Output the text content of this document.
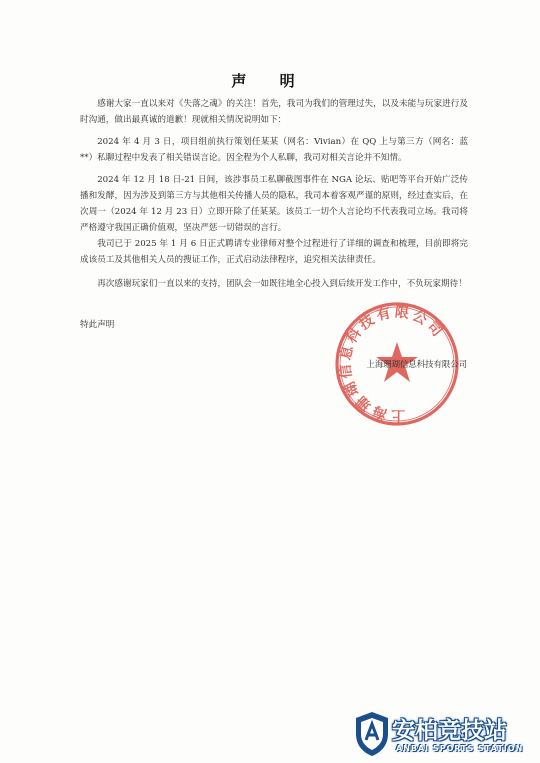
声 明

感谢大家一直以来对《失落之魂》的关注！首先，我司为我们的管理过失，以及未能与玩家进行及时沟通，做出最真诚的道歉！现就相关情况说明如下：

2024 年 4 月 3 日，项目组前执行策划任某某（网名：Vivian）在 QQ 上与第三方（网名：蓝**）私聊过程中发表了相关错误言论。因全程为个人私聊，我司对相关言论并不知情。

2024 年 12 月 18 日-21 日间，该涉事员工私聊截图事件在 NGA 论坛、贴吧等平台开始广泛传播和发酵，因为涉及到第三方与其他相关传播人员的隐私，我司本着客观严谨的原则，经过查实后，在次周一（2024 年 12 月 23 日）立即开除了任某某。该员工一切个人言论均不代表我司立场。我司将严格遵守我国正确价值观，坚决严惩一切错误的言行。

我司已于 2025 年 1 月 6 日正式聘请专业律师对整个过程进行了详细的调查和梳理，目前即将完成该员工及其他相关人员的搜证工作，正式启动法律程序，追究相关法律责任。

再次感谢玩家们一直以来的支持，团队会一如既往地全心投入到后续开发工作中，不负玩家期待！

特此声明
上海珊瑚信息科技有限公司
上海珊瑚信息科技有限公司
安柏竞技站
ANBAI SPORTS STATION
